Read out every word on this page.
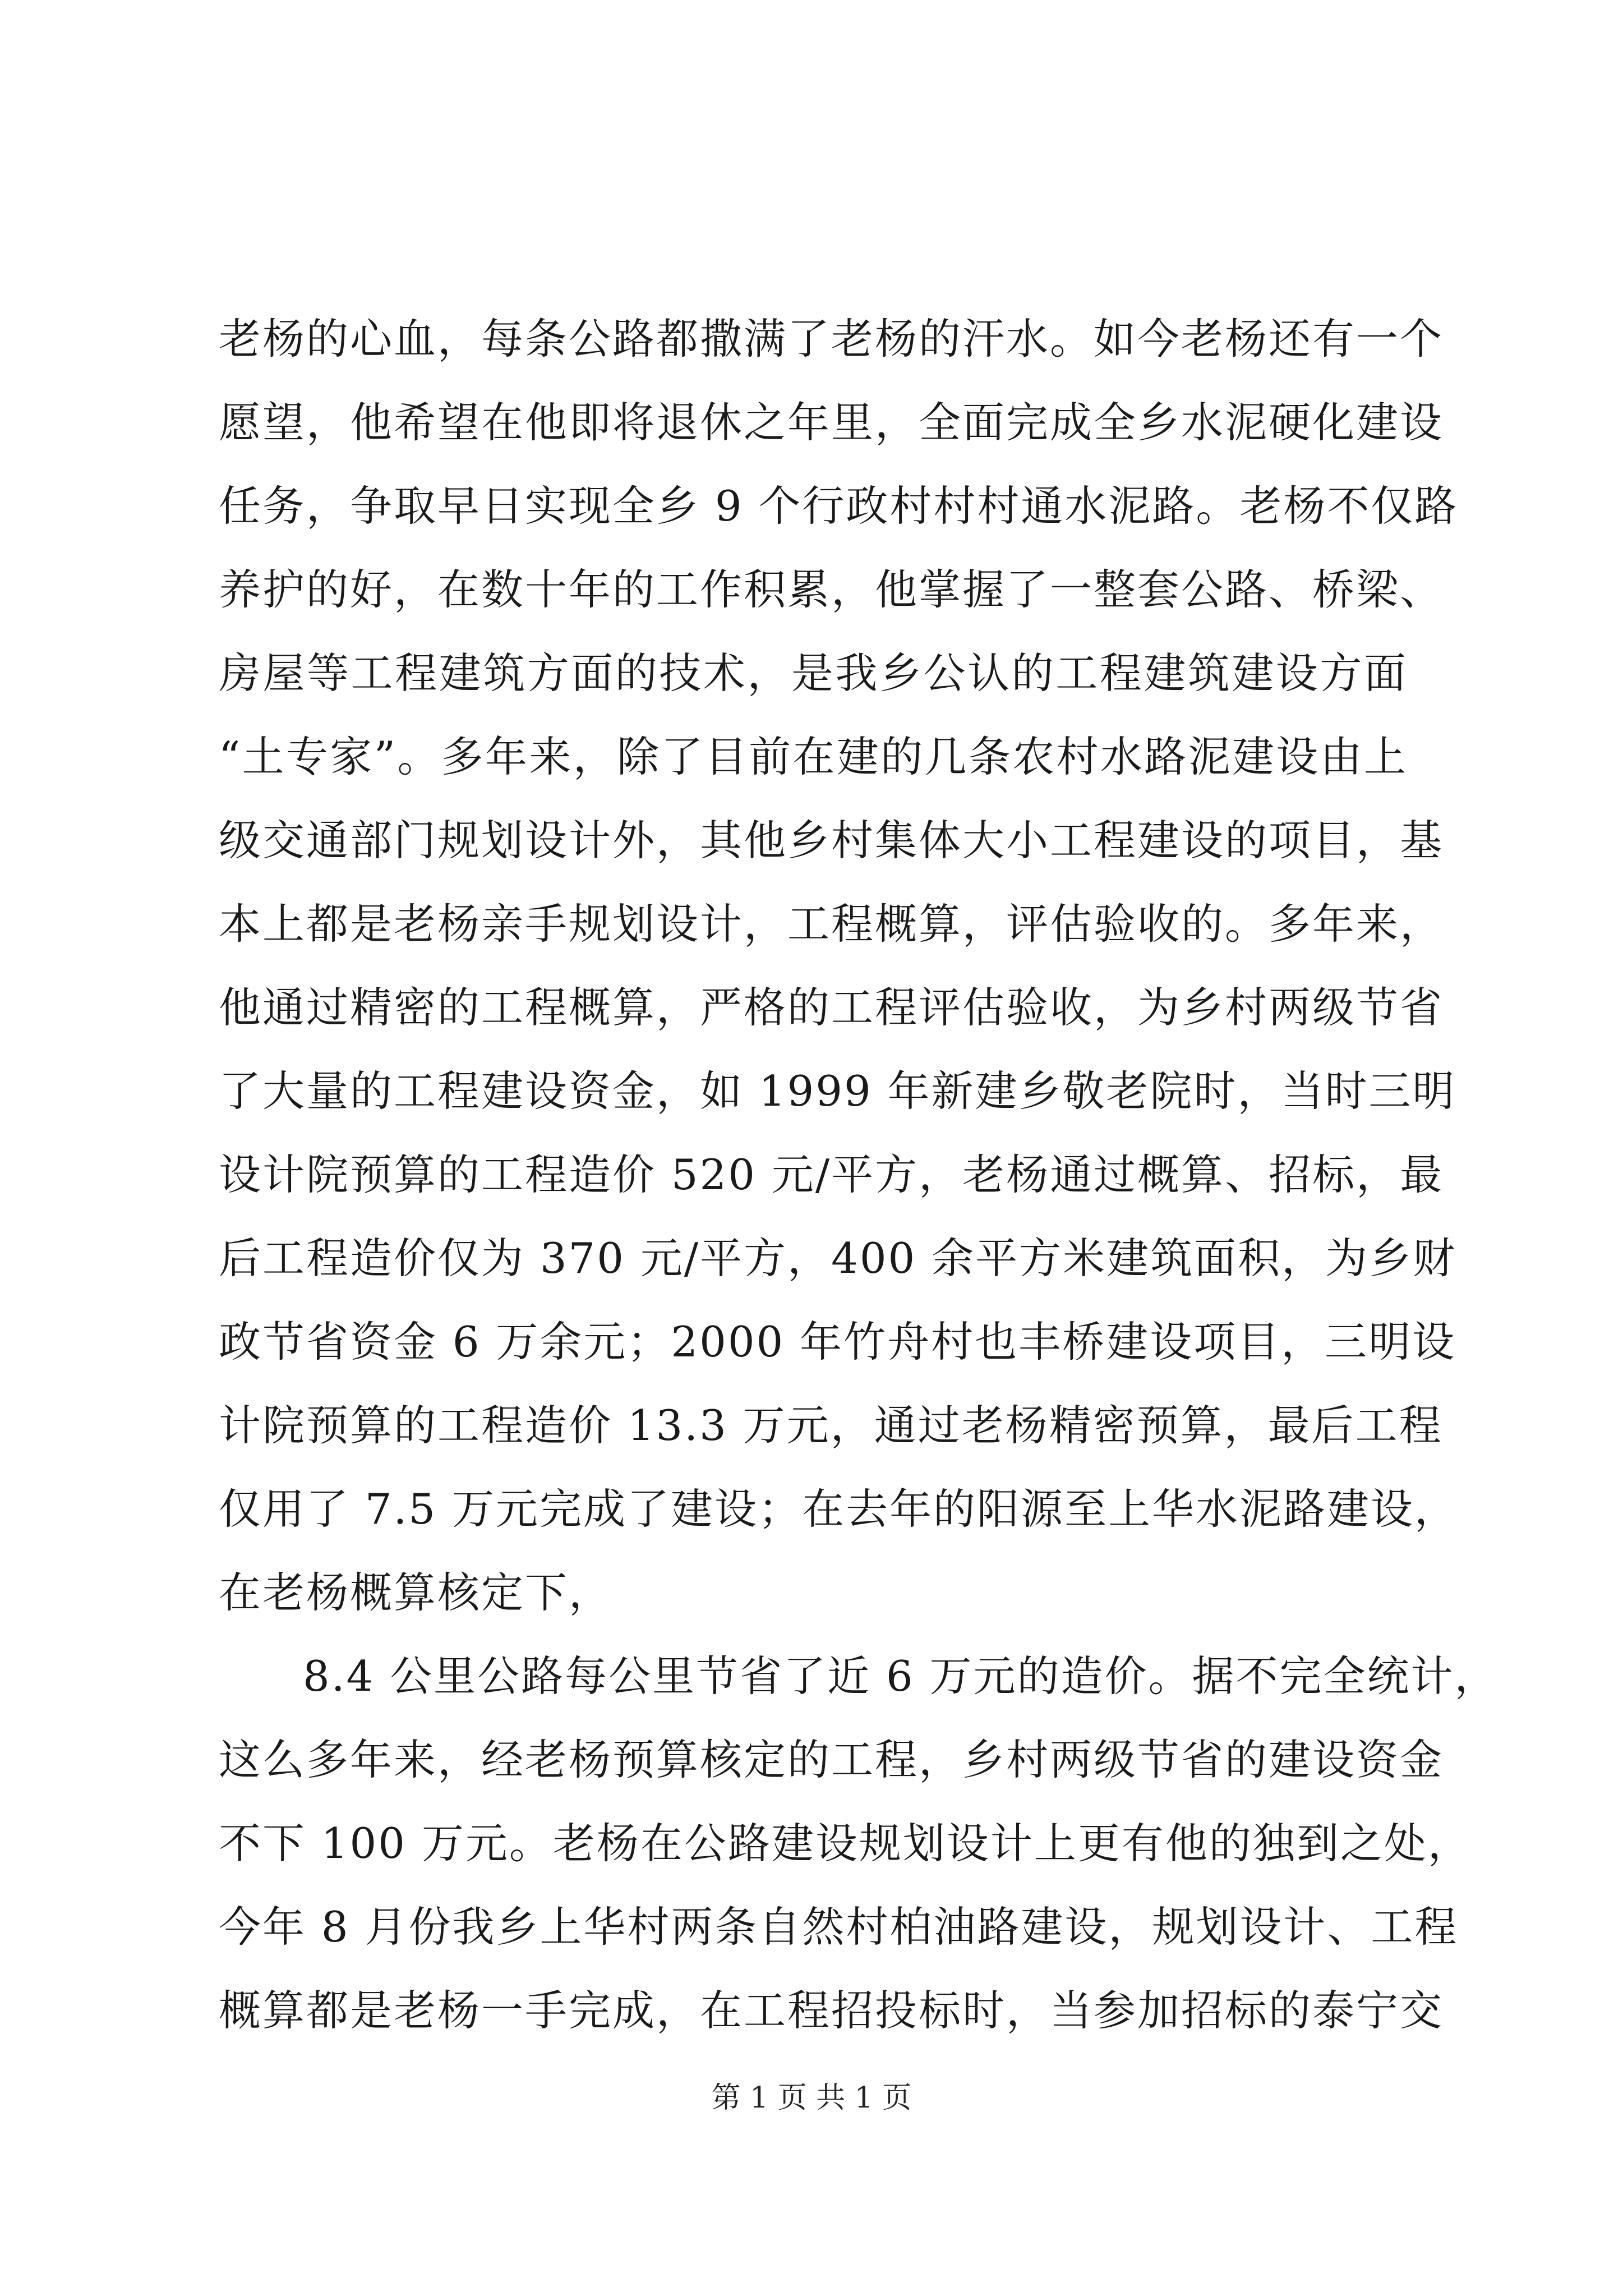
老杨的心血，每条公路都撒满了老杨的汗水。如今老杨还有一个
愿望，他希望在他即将退休之年里，全面完成全乡水泥硬化建设
任务，争取早日实现全乡 9 个行政村村村通水泥路。老杨不仅路
养护的好，在数十年的工作积累，他掌握了一整套公路、桥梁、
房屋等工程建筑方面的技术，是我乡公认的工程建筑建设方面
“土专家”。多年来，除了目前在建的几条农村水路泥建设由上
级交通部门规划设计外，其他乡村集体大小工程建设的项目，基
本上都是老杨亲手规划设计，工程概算，评估验收的。多年来，
他通过精密的工程概算，严格的工程评估验收，为乡村两级节省
了大量的工程建设资金，如 1999 年新建乡敬老院时，当时三明
设计院预算的工程造价 520 元/平方，老杨通过概算、招标，最
后工程造价仅为 370 元/平方，400 余平方米建筑面积，为乡财
政节省资金 6 万余元；2000 年竹舟村也丰桥建设项目，三明设
计院预算的工程造价 13.3 万元，通过老杨精密预算，最后工程
仅用了 7.5 万元完成了建设；在去年的阳源至上华水泥路建设，
在老杨概算核定下，
8.4 公里公路每公里节省了近 6 万元的造价。据不完全统计，
这么多年来，经老杨预算核定的工程，乡村两级节省的建设资金
不下 100 万元。老杨在公路建设规划设计上更有他的独到之处，
今年 8 月份我乡上华村两条自然村柏油路建设，规划设计、工程
概算都是老杨一手完成，在工程招投标时，当参加招标的泰宁交
第 1 页 共 1 页
